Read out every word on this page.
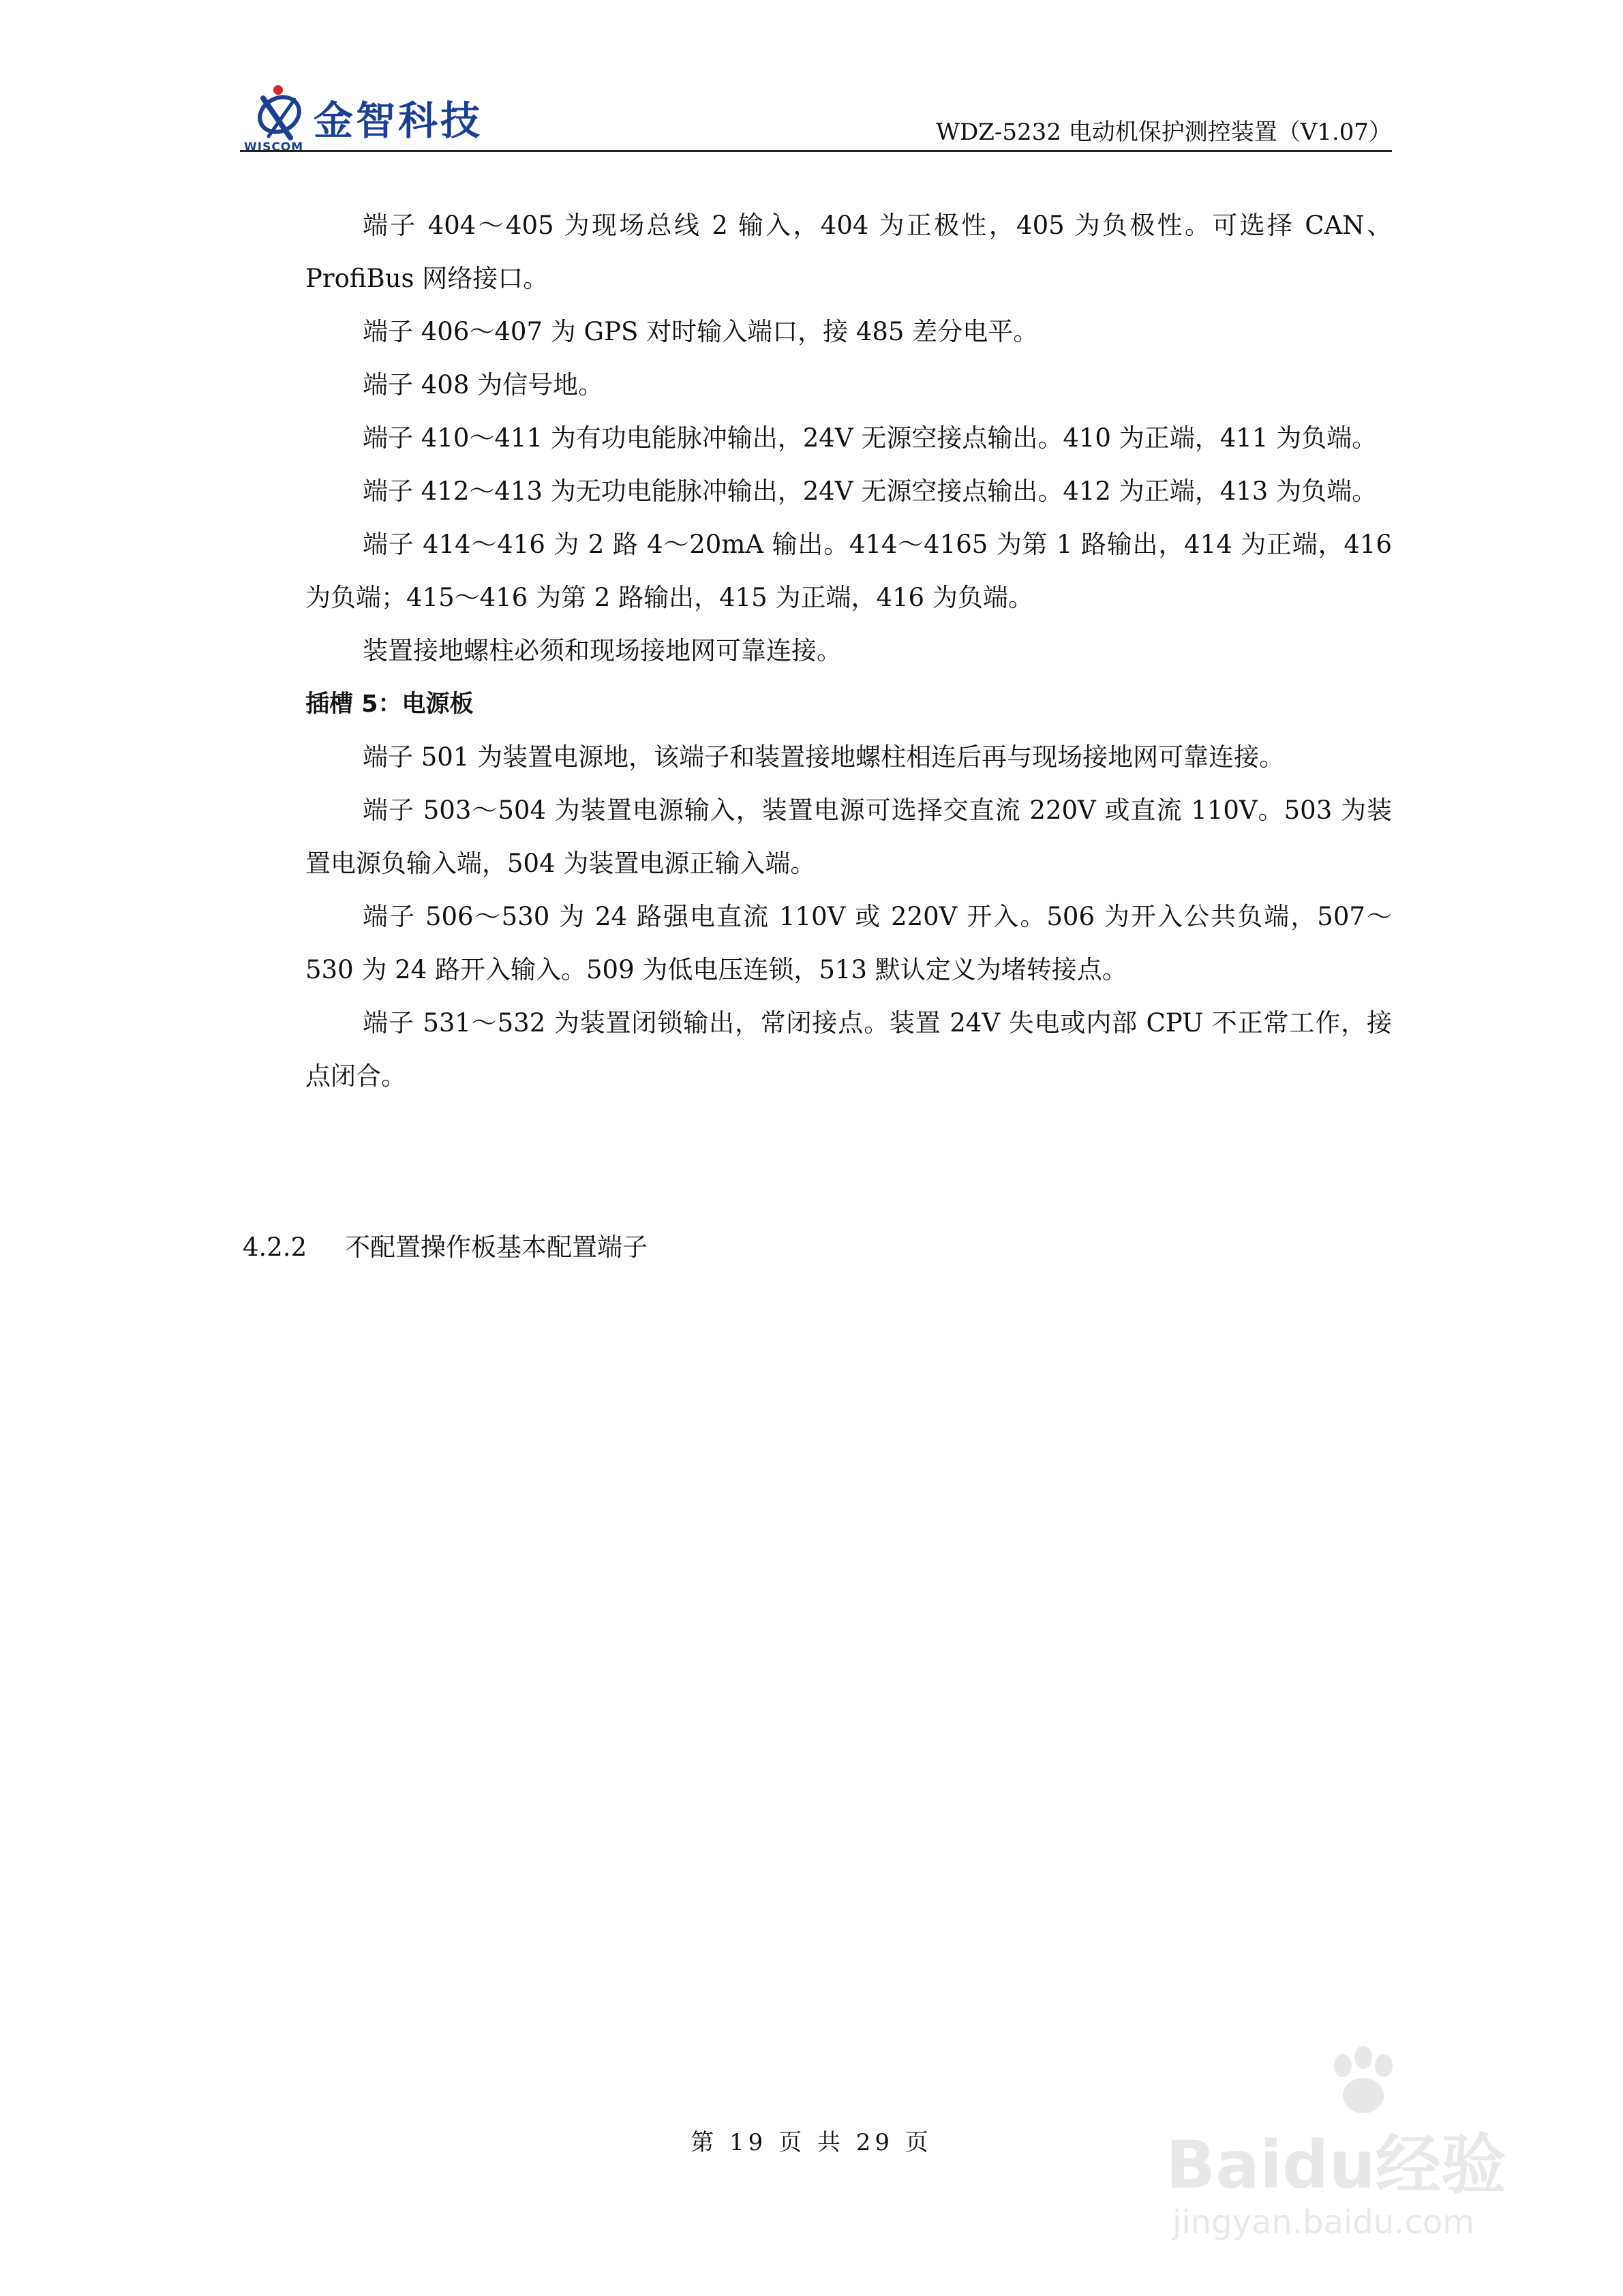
WISCOM
金智科技	WDZ-5232 电动机保护测控装置（V1.07）

端子 404～405 为现场总线 2 输入，404 为正极性，405 为负极性。可选择 CAN、ProfiBus 网络接口。

端子 406～407 为 GPS 对时输入端口，接 485 差分电平。

端子 408 为信号地。

端子 410～411 为有功电能脉冲输出，24V 无源空接点输出。410 为正端，411 为负端。

端子 412～413 为无功电能脉冲输出，24V 无源空接点输出。412 为正端，413 为负端。

端子 414～416 为 2 路 4～20mA 输出。414～4165 为第 1 路输出，414 为正端，416 为负端；415～416 为第 2 路输出，415 为正端，416 为负端。

装置接地螺柱必须和现场接地网可靠连接。

插槽 5：电源板

端子 501 为装置电源地，该端子和装置接地螺柱相连后再与现场接地网可靠连接。

端子 503～504 为装置电源输入，装置电源可选择交直流 220V 或直流 110V。503 为装置电源负输入端，504 为装置电源正输入端。

端子 506～530 为 24 路强电直流 110V 或 220V 开入。506 为开入公共负端，507～530 为 24 路开入输入。509 为低电压连锁，513 默认定义为堵转接点。

端子 531～532 为装置闭锁输出，常闭接点。装置 24V 失电或内部 CPU 不正常工作，接点闭合。

4.2.2 不配置操作板基本配置端子
第 19 页 共 29 页	Baidu经验
jingyan.baidu.com
